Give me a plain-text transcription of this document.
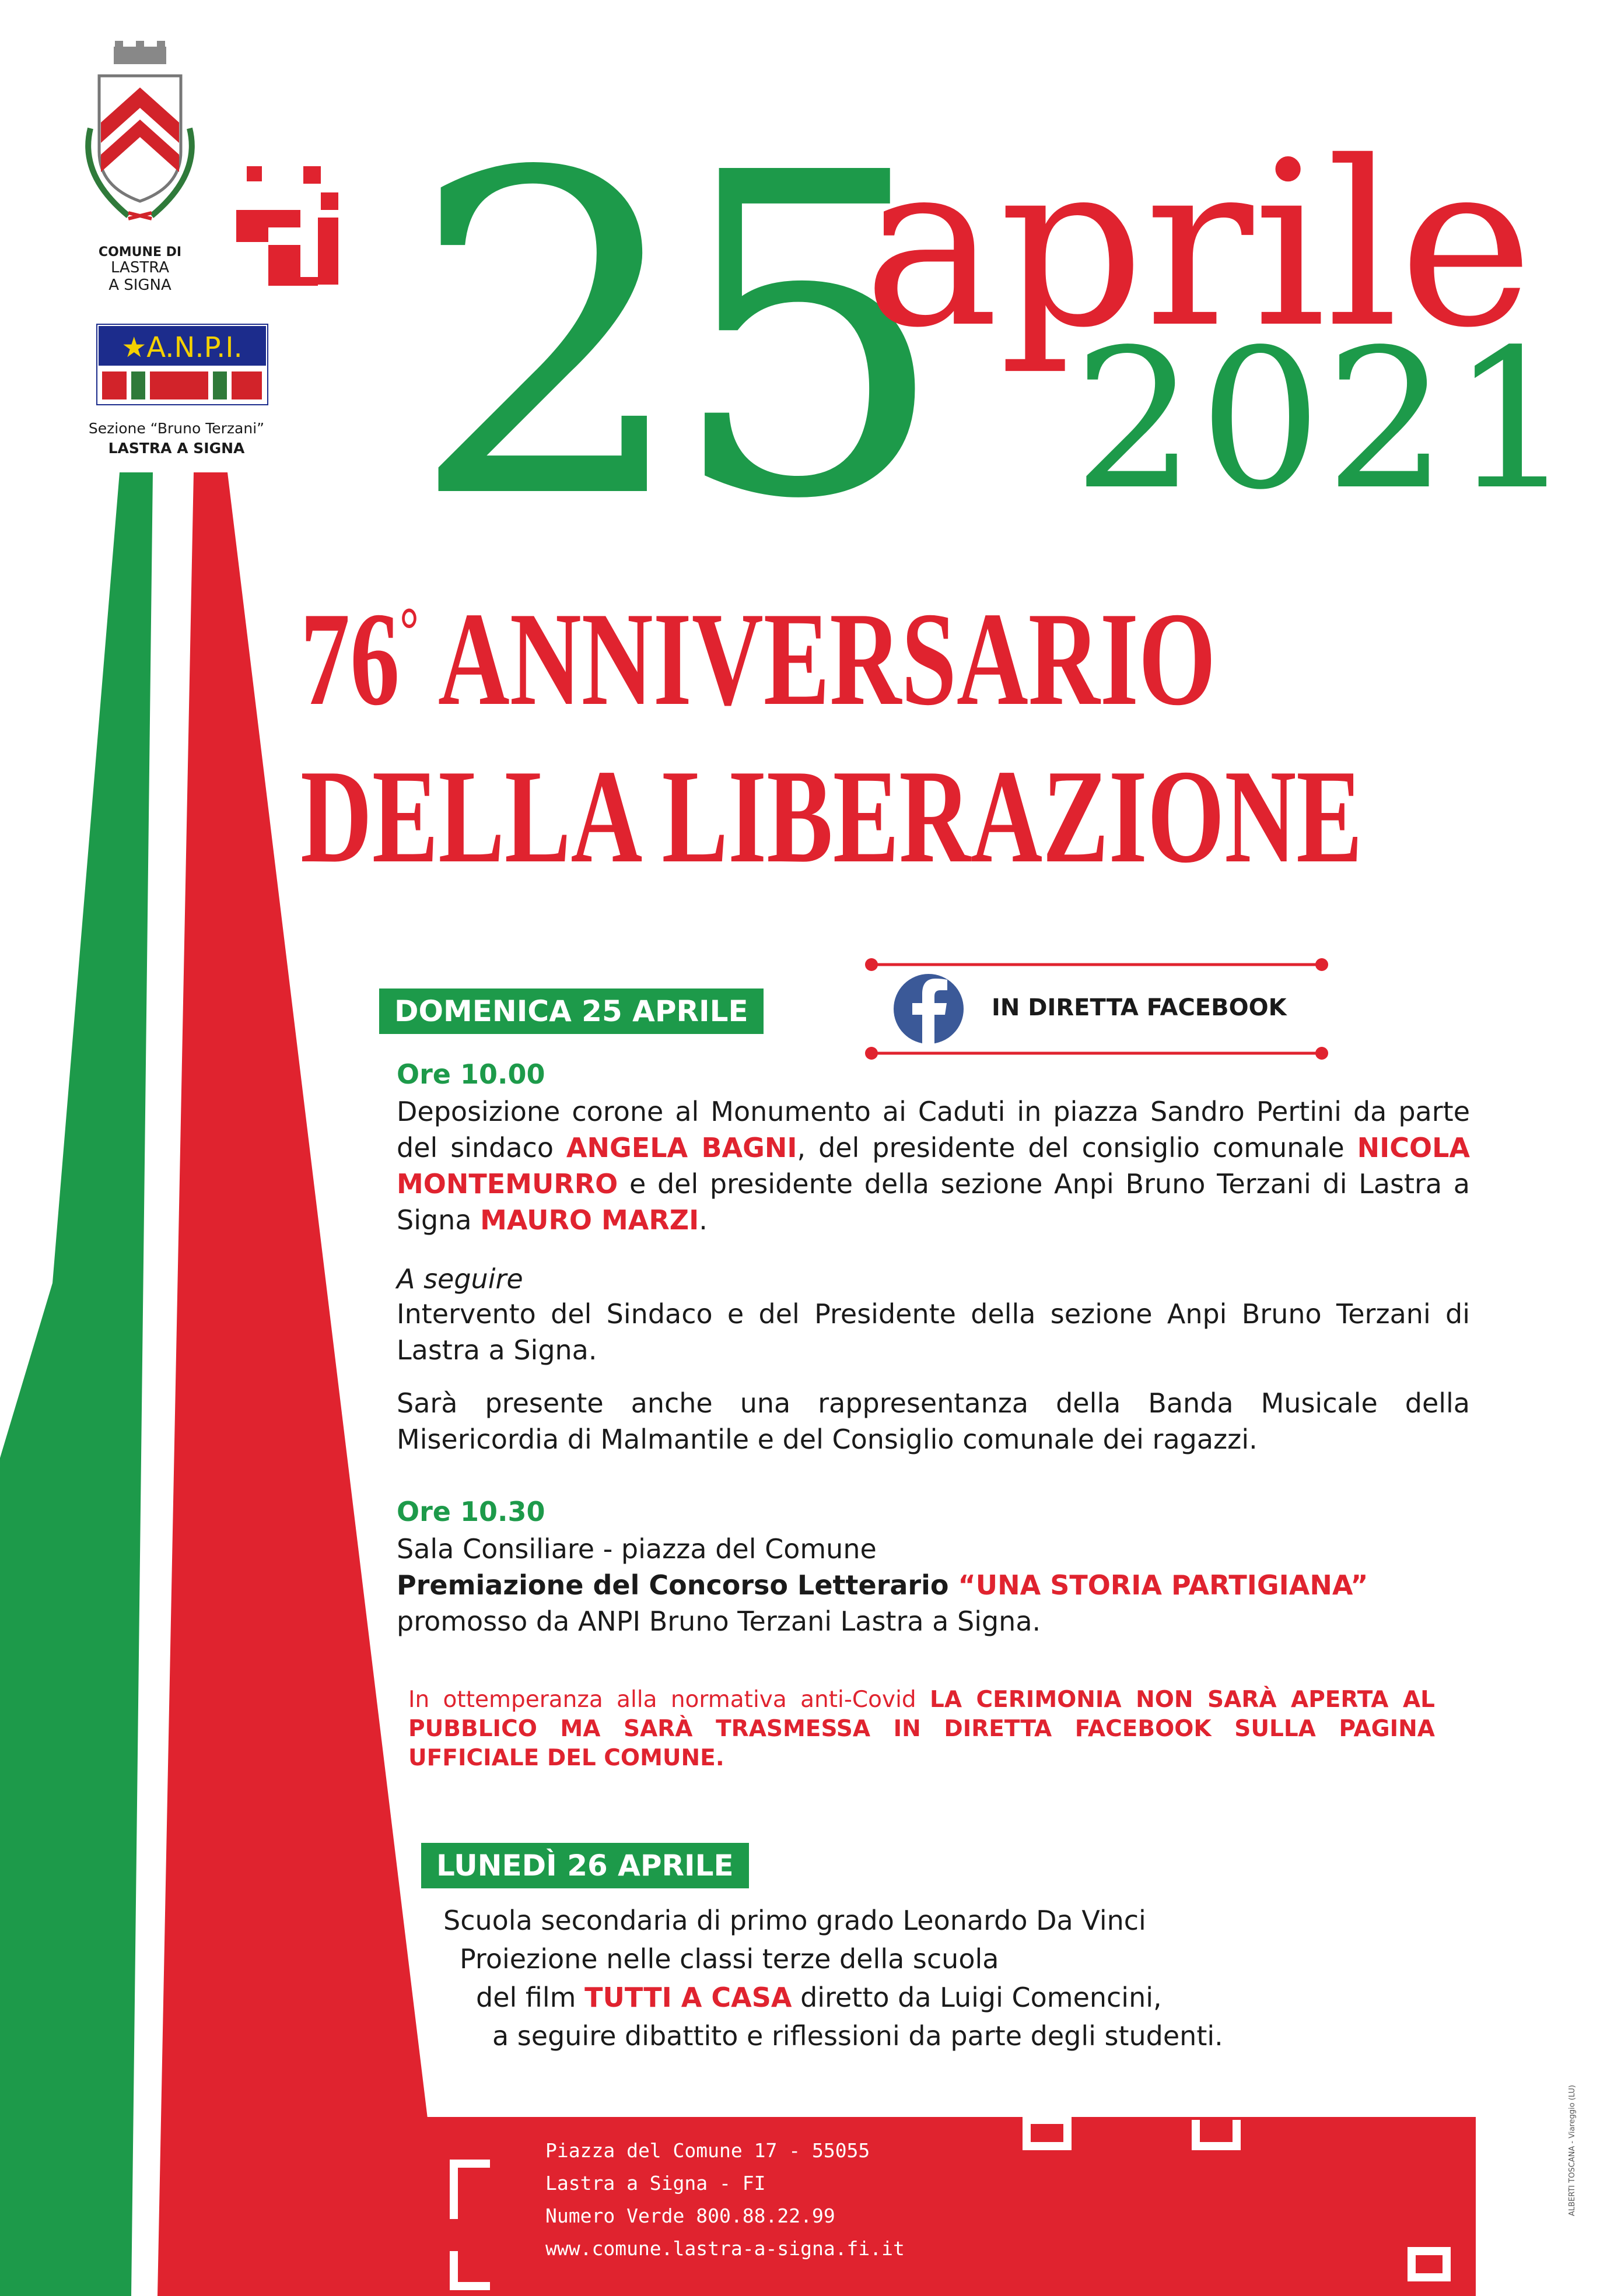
Piazza del Comune 17 - 55055
Lastra a Signa - FI
Numero Verde 800.88.22.99
www.comune.lastra-a-signa.fi.it
COMUNE DI
LASTRA
A SIGNA
★A.N.P.I.
Sezione “Bruno Terzani”
LASTRA A SIGNA 25
aprile
2021
76° ANNIVERSARIO
DELLA LIBERAZIONE
DOMENICA 25 APRILE	IN DIRETTA FACEBOOK
Ore 10.00
Deposizione corone al Monumento ai Caduti in piazza Sandro Pertini da parte del sindaco ANGELA BAGNI, del presidente del consiglio comunale NICOLA MONTEMURRO e del presidente della sezione Anpi Bruno Terzani di Lastra a Signa MAURO MARZI.
A seguire
Intervento del Sindaco e del Presidente della sezione Anpi Bruno Terzani di Lastra a Signa.
Sarà presente anche una rappresentanza della Banda Musicale della Misericordia di Malmantile e del Consiglio comunale dei ragazzi.
Ore 10.30
Sala Consiliare - piazza del Comune
Premiazione del Concorso Letterario “UNA STORIA PARTIGIANA”
promosso da ANPI Bruno Terzani Lastra a Signa.
In ottemperanza alla normativa anti-Covid LA CERIMONIA NON SARÀ APERTA AL PUBBLICO MA SARÀ TRASMESSA IN DIRETTA FACEBOOK SULLA PAGINA UFFICIALE DEL COMUNE.
LUNEDÌ 26 APRILE
Scuola secondaria di primo grado Leonardo Da Vinci
Proiezione nelle classi terze della scuola
del film TUTTI A CASA diretto da Luigi Comencini,
a seguire dibattito e riflessioni da parte degli studenti.
ALBERTI TOSCANA - Viareggio (LU)
